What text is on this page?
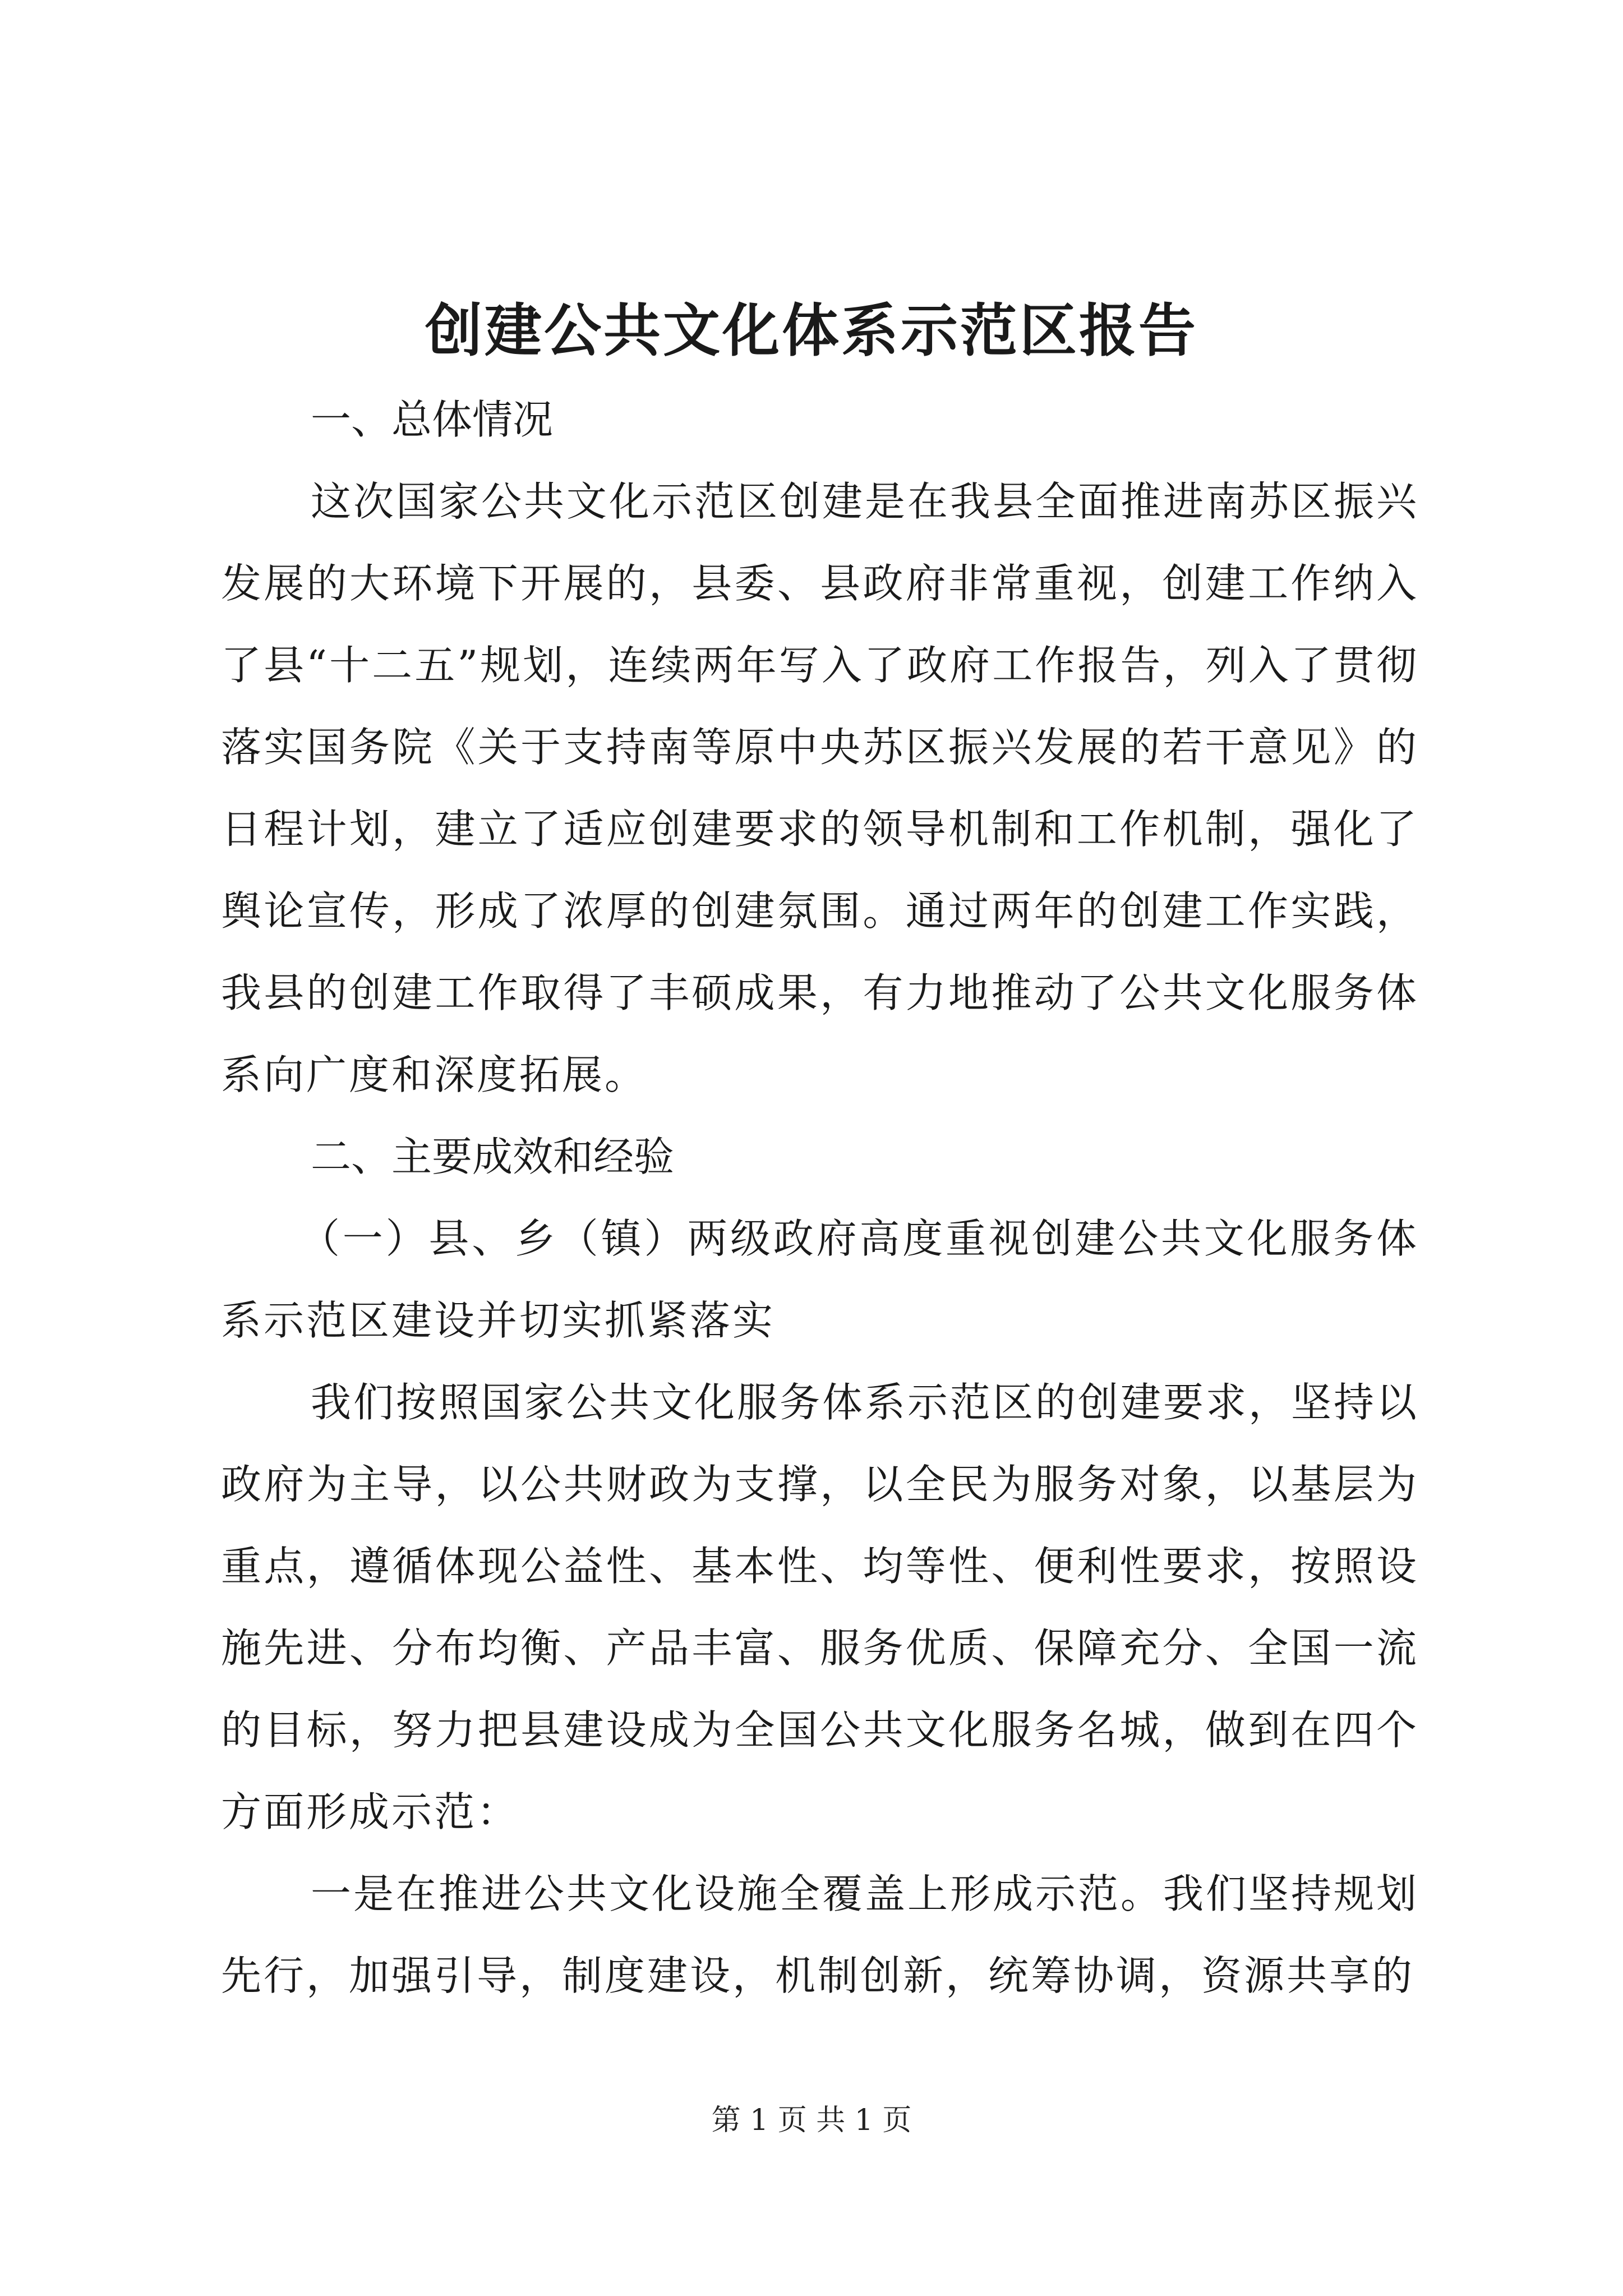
创建公共文化体系示范区报告

一、总体情况

这次国家公共文化示范区创建是在我县全面推进南苏区振兴发展的大环境下开展的，县委、县政府非常重视，创建工作纳入了县“十二五”规划，连续两年写入了政府工作报告，列入了贯彻落实国务院《关于支持南等原中央苏区振兴发展的若干意见》的日程计划，建立了适应创建要求的领导机制和工作机制，强化了舆论宣传，形成了浓厚的创建氛围。通过两年的创建工作实践，我县的创建工作取得了丰硕成果，有力地推动了公共文化服务体系向广度和深度拓展。

二、主要成效和经验

（一）县、乡（镇）两级政府高度重视创建公共文化服务体系示范区建设并切实抓紧落实

我们按照国家公共文化服务体系示范区的创建要求，坚持以政府为主导，以公共财政为支撑，以全民为服务对象，以基层为重点，遵循体现公益性、基本性、均等性、便利性要求，按照设施先进、分布均衡、产品丰富、服务优质、保障充分、全国一流的目标，努力把县建设成为全国公共文化服务名城，做到在四个方面形成示范：

一是在推进公共文化设施全覆盖上形成示范。我们坚持规划先行，加强引导，制度建设，机制创新，统筹协调，资源共享的

第 1 页 共 1 页
